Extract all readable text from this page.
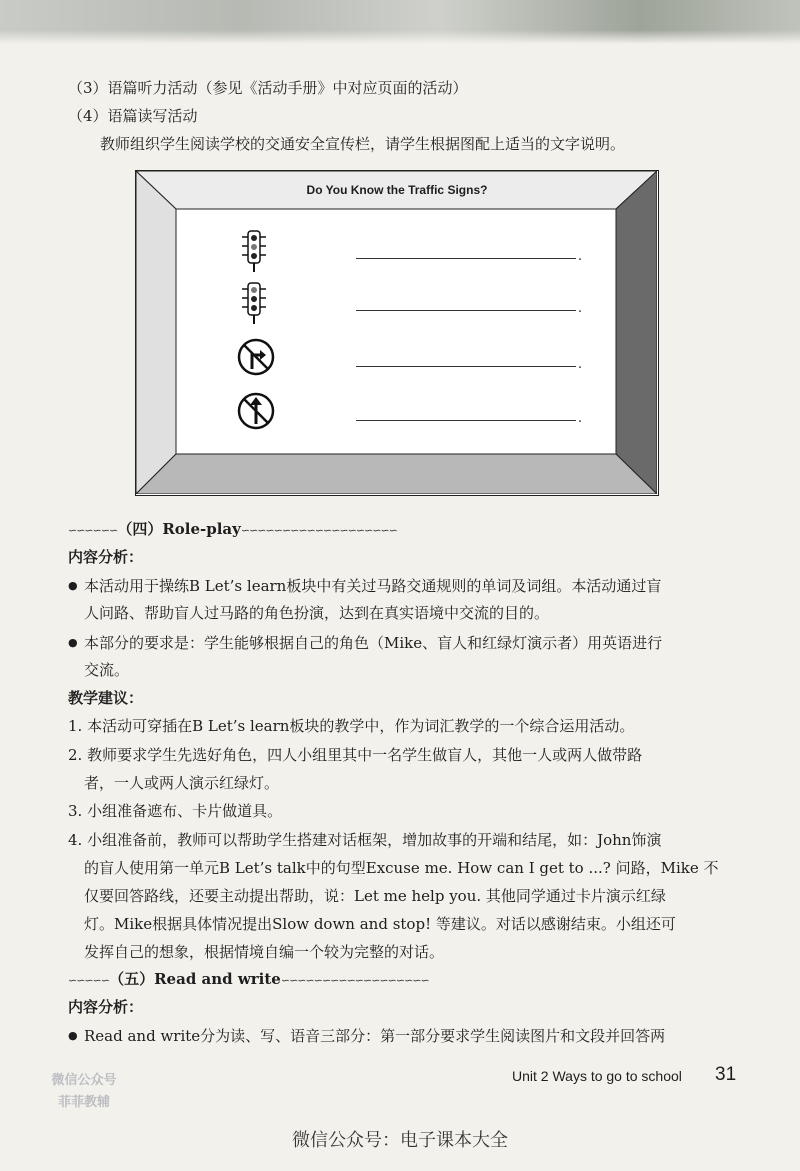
（3）语篇听力活动（参见《活动手册》中对应页面的活动）

（4）语篇读写活动

教师组织学生阅读学校的交通安全宣传栏，请学生根据图配上适当的文字说明。

Do You Know the Traffic Signs?
.
.
.
.

∽∽∽∽∽∽（四）Role-play∽∽∽∽∽∽∽∽∽∽∽∽∽∽∽∽∽∽∽

内容分析：

● 本活动用于操练B Let’s learn板块中有关过马路交通规则的单词及词组。本活动通过盲

人问路、帮助盲人过马路的角色扮演，达到在真实语境中交流的目的。

● 本部分的要求是：学生能够根据自己的角色（Mike、盲人和红绿灯演示者）用英语进行

交流。

教学建议：

1. 本活动可穿插在B Let’s learn板块的教学中，作为词汇教学的一个综合运用活动。

2. 教师要求学生先选好角色，四人小组里其中一名学生做盲人，其他一人或两人做带路

者，一人或两人演示红绿灯。

3. 小组准备遮布、卡片做道具。

4. 小组准备前，教师可以帮助学生搭建对话框架，增加故事的开端和结尾，如：John饰演

的盲人使用第一单元B Let’s talk中的句型Excuse me. How can I get to ...? 问路，Mike 不

仅要回答路线，还要主动提出帮助，说：Let me help you. 其他同学通过卡片演示红绿

灯。Mike根据具体情况提出Slow down and stop! 等建议。对话以感谢结束。小组还可

发挥自己的想象，根据情境自编一个较为完整的对话。

∽∽∽∽∽（五）Read and write∽∽∽∽∽∽∽∽∽∽∽∽∽∽∽∽∽∽

内容分析：

● Read and write分为读、写、语音三部分：第一部分要求学生阅读图片和文段并回答两

微信公众号
菲菲教辅
Unit 2 Ways to go to school 31
微信公众号：电子课本大全
